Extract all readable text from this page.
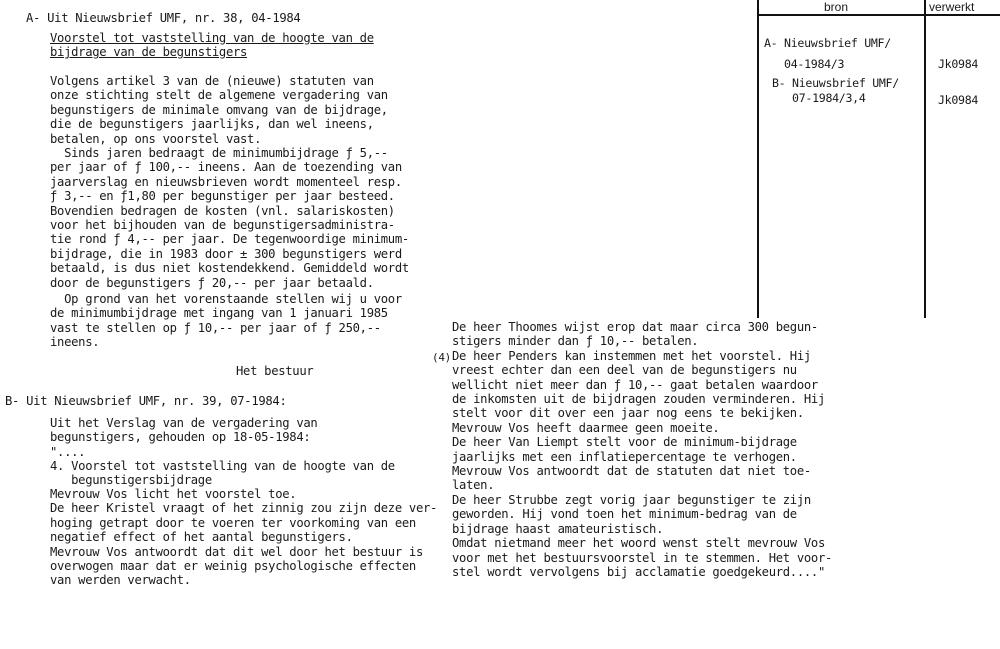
A- Uit Nieuwsbrief UMF, nr. 38, 04-1984
Voorstel tot vaststelling van de hoogte van de
bijdrage van de begunstigers
Volgens artikel 3 van de (nieuwe) statuten van
onze stichting stelt de algemene vergadering van
begunstigers de minimale omvang van de bijdrage,
die de begunstigers jaarlijks, dan wel ineens,
betalen, op ons voorstel vast.
Sinds jaren bedraagt de minimumbijdrage ƒ 5,--
per jaar of ƒ 100,-- ineens. Aan de toezending van
jaarverslag en nieuwsbrieven wordt momenteel resp.
ƒ 3,-- en ƒ1,80 per begunstiger per jaar besteed.
Bovendien bedragen de kosten (vnl. salariskosten)
voor het bijhouden van de begunstigersadministra-
tie rond ƒ 4,-- per jaar. De tegenwoordige minimum-
bijdrage, die in 1983 door ± 300 begunstigers werd
betaald, is dus niet kostendekkend. Gemiddeld wordt
door de begunstigers ƒ 20,-- per jaar betaald.
Op grond van het vorenstaande stellen wij u voor
de minimumbijdrage met ingang van 1 januari 1985
vast te stellen op ƒ 10,-- per jaar of ƒ 250,--
ineens.
Het bestuur
B- Uit Nieuwsbrief UMF, nr. 39, 07-1984:
Uit het Verslag van de vergadering van
begunstigers, gehouden op 18-05-1984:
"....
4. Voorstel tot vaststelling van de hoogte van de
begunstigersbijdrage
Mevrouw Vos licht het voorstel toe.
De heer Kristel vraagt of het zinnig zou zijn deze ver-
hoging getrapt door te voeren ter voorkoming van een
negatief effect of het aantal begunstigers.
Mevrouw Vos antwoordt dat dit wel door het bestuur is
overwogen maar dat er weinig psychologische effecten
van werden verwacht.
De heer Thoomes wijst erop dat maar circa 300 begun-
stigers minder dan ƒ 10,-- betalen.
De heer Penders kan instemmen met het voorstel. Hij
vreest echter dan een deel van de begunstigers nu
wellicht niet meer dan ƒ 10,-- gaat betalen waardoor
de inkomsten uit de bijdragen zouden verminderen. Hij
stelt voor dit over een jaar nog eens te bekijken.
Mevrouw Vos heeft daarmee geen moeite.
De heer Van Liempt stelt voor de minimum-bijdrage
jaarlijks met een inflatiepercentage te verhogen.
Mevrouw Vos antwoordt dat de statuten dat niet toe-
laten.
De heer Strubbe zegt vorig jaar begunstiger te zijn
geworden. Hij vond toen het minimum-bedrag van de
bijdrage haast amateuristisch.
Omdat nietmand meer het woord wenst stelt mevrouw Vos
voor met het bestuursvoorstel in te stemmen. Het voor-
stel wordt vervolgens bij acclamatie goedgekeurd...."
(4)
bron	verwerkt
A- Nieuwsbrief UMF/
04-1984/3	Jk0984
B- Nieuwsbrief UMF/
07-1984/3,4	Jk0984
